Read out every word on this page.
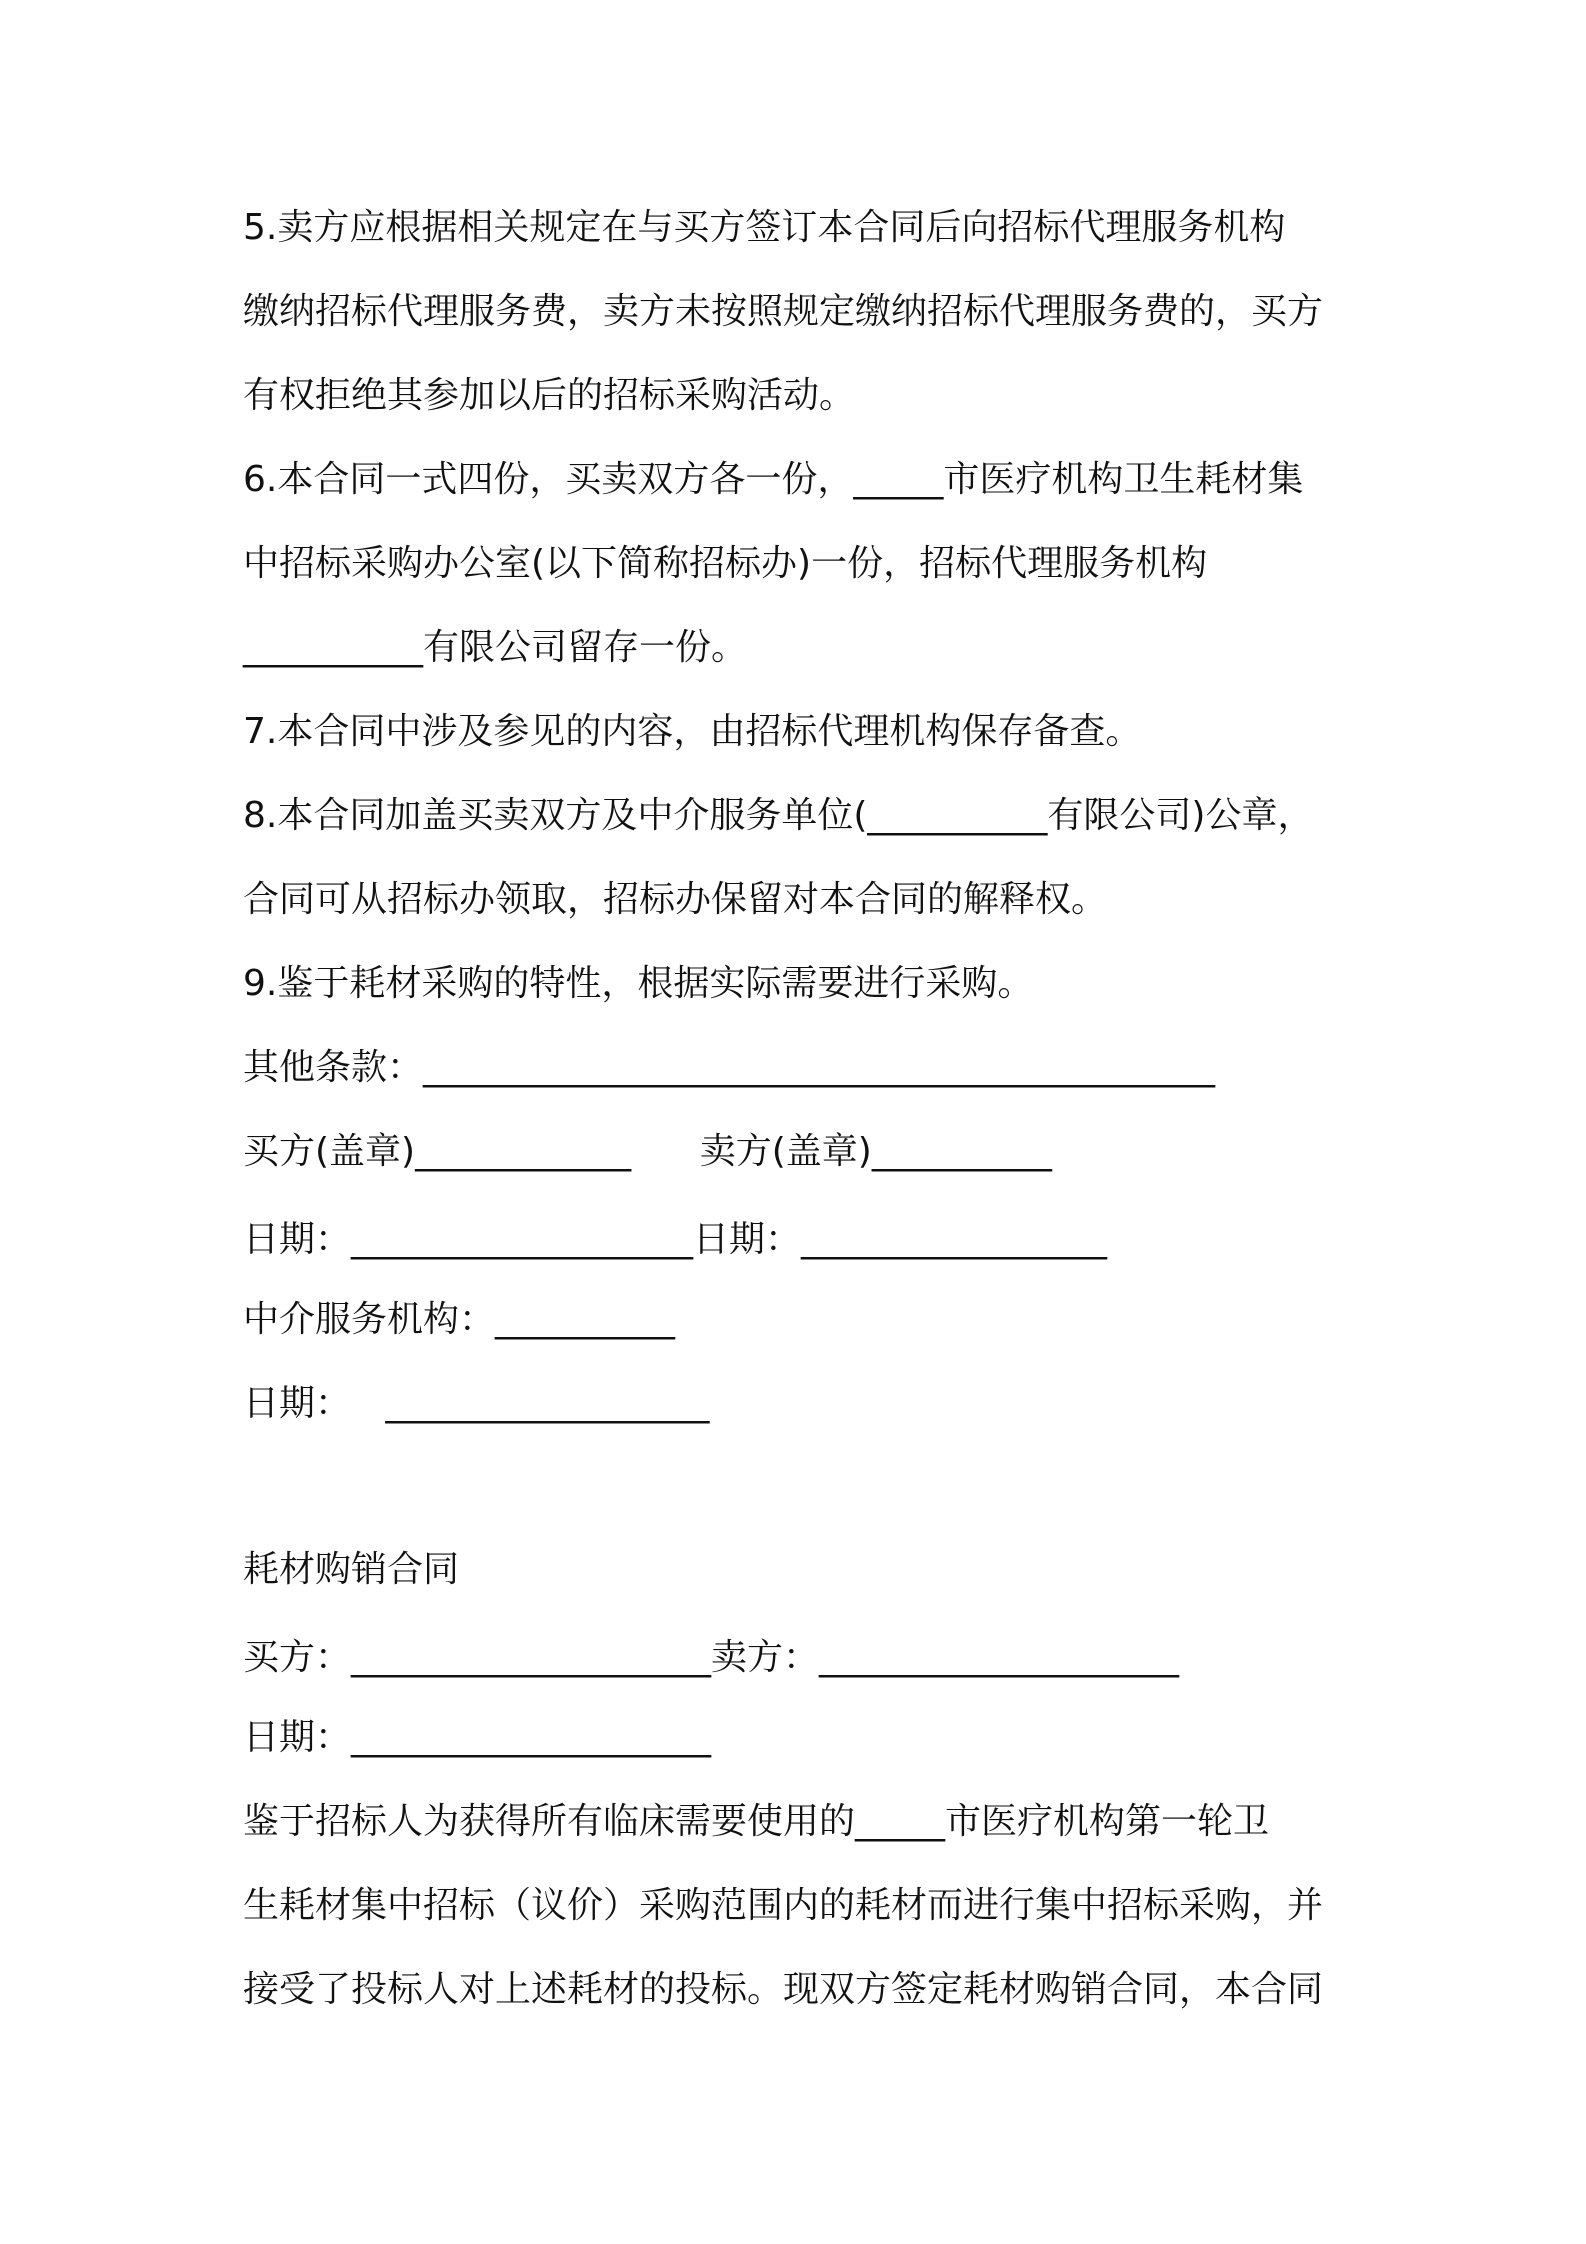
5.卖方应根据相关规定在与买方签订本合同后向招标代理服务机构
缴纳招标代理服务费，卖方未按照规定缴纳招标代理服务费的，买方
有权拒绝其参加以后的招标采购活动。
6.本合同一式四份，买卖双方各一份，_____市医疗机构卫生耗材集
中招标采购办公室(以下简称招标办)一份，招标代理服务机构
__________有限公司留存一份。
7.本合同中涉及参见的内容，由招标代理机构保存备查。
8.本合同加盖买卖双方及中介服务单位(__________有限公司)公章，
合同可从招标办领取，招标办保留对本合同的解释权。
9.鉴于耗材采购的特性，根据实际需要进行采购。
其他条款：____________________________________________
买方(盖章)____________      卖方(盖章)__________
日期：___________________日期：_________________
中介服务机构：__________
日期：   __________________
耗材购销合同
买方：____________________卖方：____________________
日期：____________________
鉴于招标人为获得所有临床需要使用的_____市医疗机构第一轮卫
生耗材集中招标（议价）采购范围内的耗材而进行集中招标采购，并
接受了投标人对上述耗材的投标。现双方签定耗材购销合同，本合同
